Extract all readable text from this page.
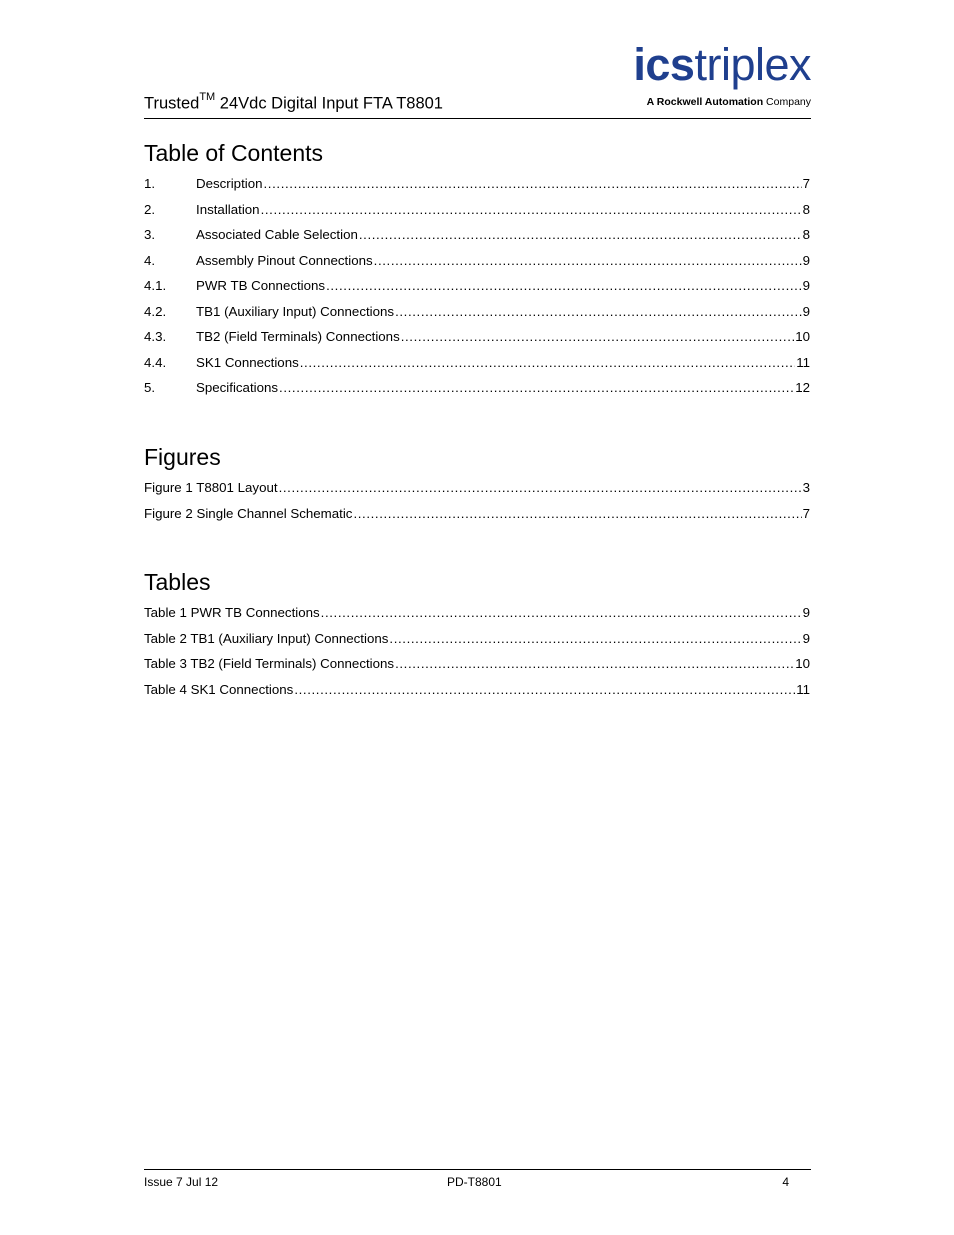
Trusted™ 24Vdc Digital Input FTA T8801
icstriplex
A Rockwell Automation Company
Table of Contents
1.	Description .....	7
2.	Installation .....	8
3.	Associated Cable Selection .....	8
4.	Assembly Pinout Connections .....	9
4.1.	PWR TB Connections .....	9
4.2.	TB1 (Auxiliary Input) Connections .....	9
4.3.	TB2 (Field Terminals) Connections .....	10
4.4.	SK1 Connections .....	11
5.	Specifications .....	12
Figures
Figure 1 T8801 Layout .....	3
Figure 2 Single Channel Schematic .....	7
Tables
Table 1 PWR TB Connections .....	9
Table 2 TB1 (Auxiliary Input) Connections .....	9
Table 3 TB2 (Field Terminals) Connections .....	10
Table 4 SK1 Connections .....	11
Issue 7 Jul 12	PD-T8801	4
